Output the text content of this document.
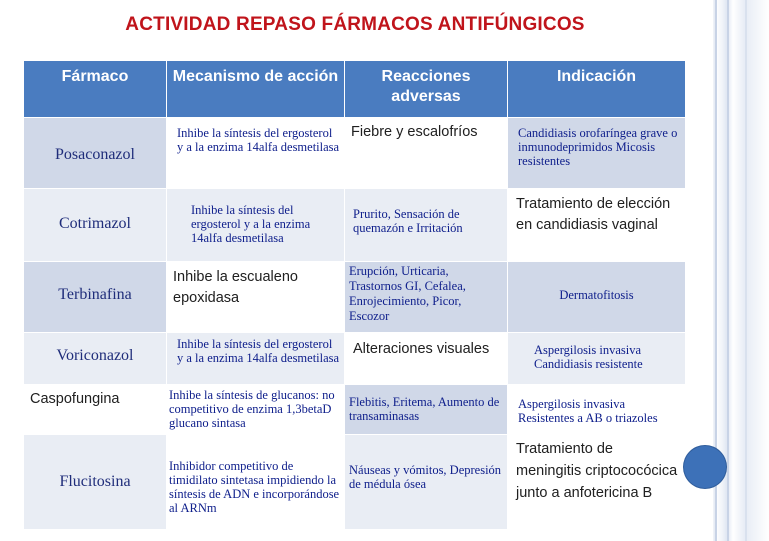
ACTIVIDAD REPASO FÁRMACOS ANTIFÚNGICOS
Fármaco	Mecanismo de acción	Reacciones adversas	Indicación

Posaconazol	Inhibe la síntesis del ergosterol y a la enzima 14alfa desmetilasa	Fiebre y escalofríos	Candidiasis orofaríngea grave o inmunodeprimidos Micosis resistentes

Cotrimazol	Inhibe la síntesis del ergosterol y a la enzima 14alfa desmetilasa	Prurito, Sensación de quemazón e Irritación	Tratamiento de elección en candidiasis vaginal

Terbinafina	Inhibe la escualeno epoxidasa	Erupción, Urticaria, Trastornos GI, Cefalea, Enrojecimiento, Picor, Escozor	Dermatofitosis

Voriconazol	Inhibe la síntesis del ergosterol y a la enzima 14alfa desmetilasa	Alteraciones visuales	Aspergilosis invasiva Candidiasis resistente

Caspofungina	Inhibe la síntesis de glucanos: no competitivo de enzima 1,3betaD glucano sintasa	Flebitis, Eritema, Aumento de transaminasas	Aspergilosis invasiva Resistentes a AB o triazoles

Flucitosina	Inhibidor competitivo de timidilato sintetasa impidiendo la síntesis de ADN e incorporándose al ARNm	Náuseas y vómitos, Depresión de médula ósea	Tratamiento de meningitis criptococócica junto a anfotericina B
